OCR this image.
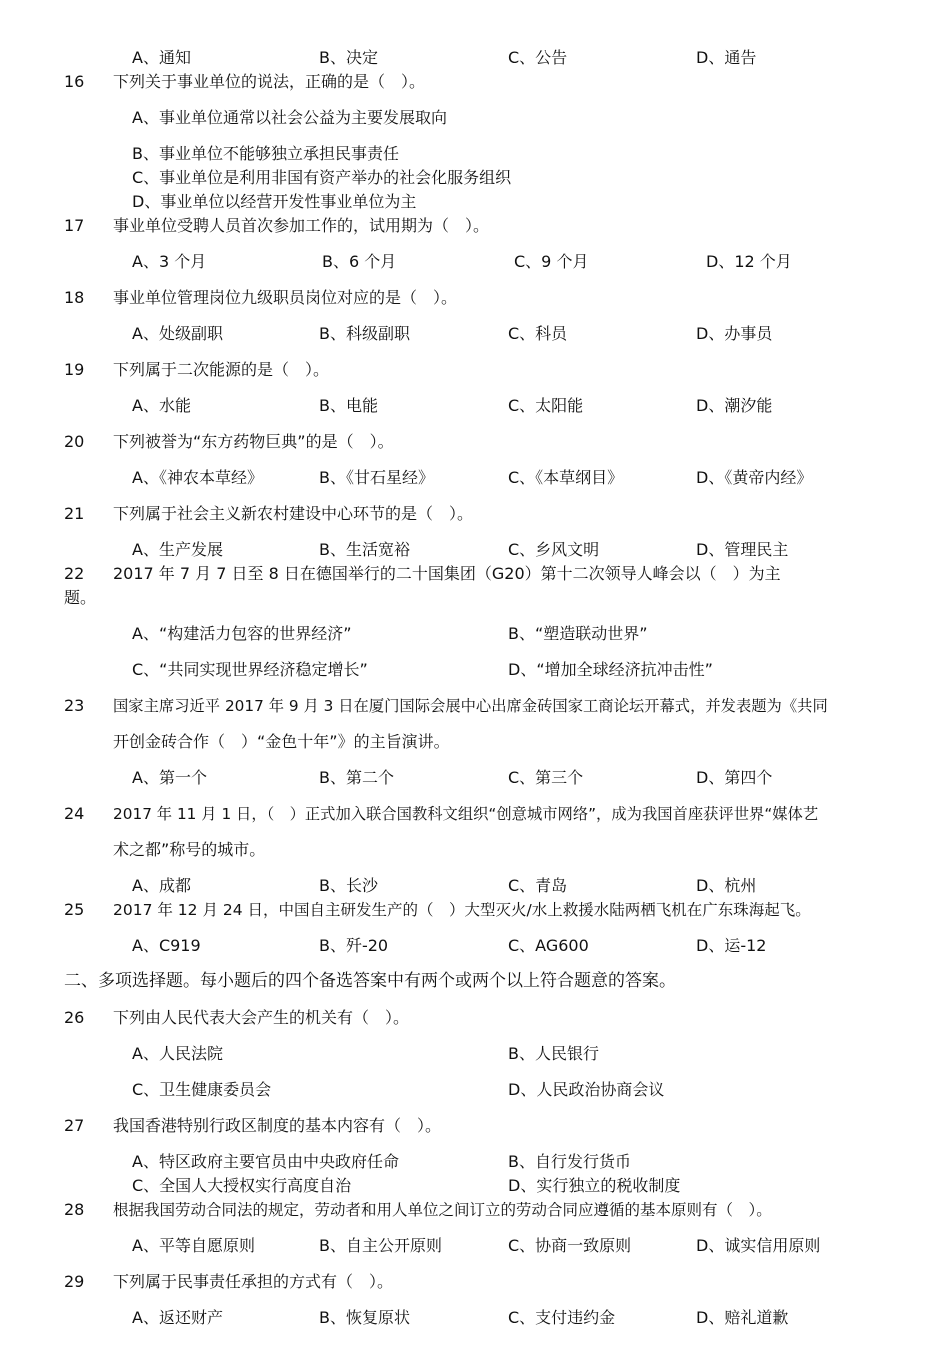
A、通知	B、决定	C、公告	D、通告
16 下列关于事业单位的说法，正确的是（　）。
A、事业单位通常以社会公益为主要发展取向
B、事业单位不能够独立承担民事责任
C、事业单位是利用非国有资产举办的社会化服务组织
D、事业单位以经营开发性事业单位为主
17 事业单位受聘人员首次参加工作的，试用期为（　）。
A、3 个月	B、6 个月	C、9 个月	D、12 个月
18 事业单位管理岗位九级职员岗位对应的是（　）。
A、处级副职	B、科级副职	C、科员	D、办事员
19 下列属于二次能源的是（　）。
A、水能	B、电能	C、太阳能	D、潮汐能
20 下列被誉为“东方药物巨典”的是（　）。
A、《神农本草经》	B、《甘石星经》	C、《本草纲目》	D、《黄帝内经》
21 下列属于社会主义新农村建设中心环节的是（　）。
A、生产发展	B、生活宽裕	C、乡风文明	D、管理民主
22 2017 年 7 月 7 日至 8 日在德国举行的二十国集团（G20）第十二次领导人峰会以（　）为主
题。
A、“构建活力包容的世界经济”	B、“塑造联动世界”
C、“共同实现世界经济稳定增长”	D、“增加全球经济抗冲击性”
23 国家主席习近平 2017 年 9 月 3 日在厦门国际会展中心出席金砖国家工商论坛开幕式，并发表题为《共同
开创金砖合作（　）“金色十年”》的主旨演讲。
A、第一个	B、第二个	C、第三个	D、第四个
24 2017 年 11 月 1 日，（　）正式加入联合国教科文组织“创意城市网络”，成为我国首座获评世界“媒体艺
术之都”称号的城市。
A、成都	B、长沙	C、青岛	D、杭州
25 2017 年 12 月 24 日，中国自主研发生产的（　）大型灭火/水上救援水陆两栖飞机在广东珠海起飞。
A、C919	B、歼-20	C、AG600	D、运-12
二、多项选择题。每小题后的四个备选答案中有两个或两个以上符合题意的答案。
26 下列由人民代表大会产生的机关有（　）。
A、人民法院	B、人民银行
C、卫生健康委员会	D、人民政治协商会议
27 我国香港特别行政区制度的基本内容有（　）。
A、特区政府主要官员由中央政府任命	B、自行发行货币
C、全国人大授权实行高度自治	D、实行独立的税收制度
28 根据我国劳动合同法的规定，劳动者和用人单位之间订立的劳动合同应遵循的基本原则有（　）。
A、平等自愿原则	B、自主公开原则	C、协商一致原则	D、诚实信用原则
29 下列属于民事责任承担的方式有（　）。
A、返还财产	B、恢复原状	C、支付违约金	D、赔礼道歉
